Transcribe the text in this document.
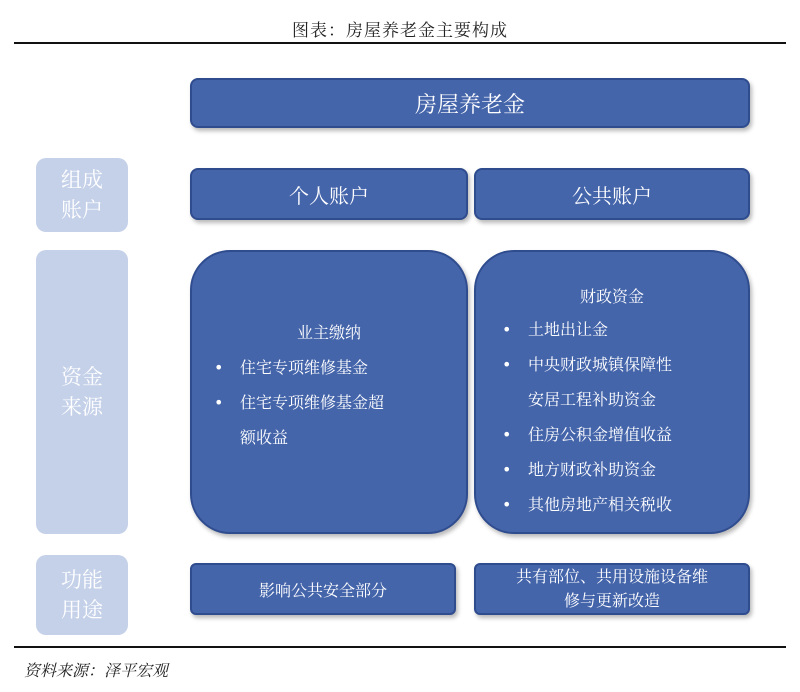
图表：房屋养老金主要构成
组成
账户
资金
来源
功能
用途
房屋养老金
个人账户	公共账户
业主缴纳
• 住宅专项维修基金
• 住宅专项维修基金超
额收益
财政资金
• 土地出让金
• 中央财政城镇保障性
安居工程补助资金
• 住房公积金增值收益
• 地方财政补助资金
• 其他房地产相关税收
影响公共安全部分
共有部位、共用设施设备维
修与更新改造
资料来源：泽平宏观
